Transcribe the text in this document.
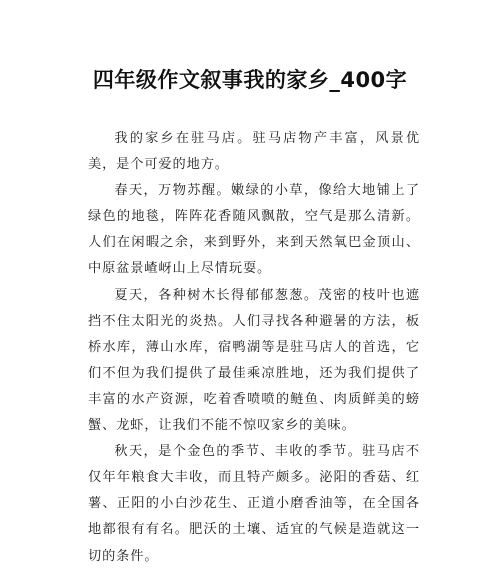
四年级作文叙事我的家乡_400字

我的家乡在驻马店。驻马店物产丰富，风景优美，是个可爱的地方。

春天，万物苏醒。嫩绿的小草，像给大地铺上了绿色的地毯，阵阵花香随风飘散，空气是那么清新。人们在闲暇之余，来到野外，来到天然氧巴金顶山、中原盆景嵖岈山上尽情玩耍。

夏天，各种树木长得郁郁葱葱。茂密的枝叶也遮挡不住太阳光的炎热。人们寻找各种避暑的方法，板桥水库，薄山水库，宿鸭湖等是驻马店人的首选，它们不但为我们提供了最佳乘凉胜地，还为我们提供了丰富的水产资源，吃着香喷喷的鲢鱼、肉质鲜美的螃蟹、龙虾，让我们不能不惊叹家乡的美味。

秋天，是个金色的季节、丰收的季节。驻马店不仅年年粮食大丰收，而且特产颇多。泌阳的香菇、红薯、正阳的小白沙花生、正道小磨香油等，在全国各地都很有有名。肥沃的土壤、适宜的气候是造就这一切的条件。
